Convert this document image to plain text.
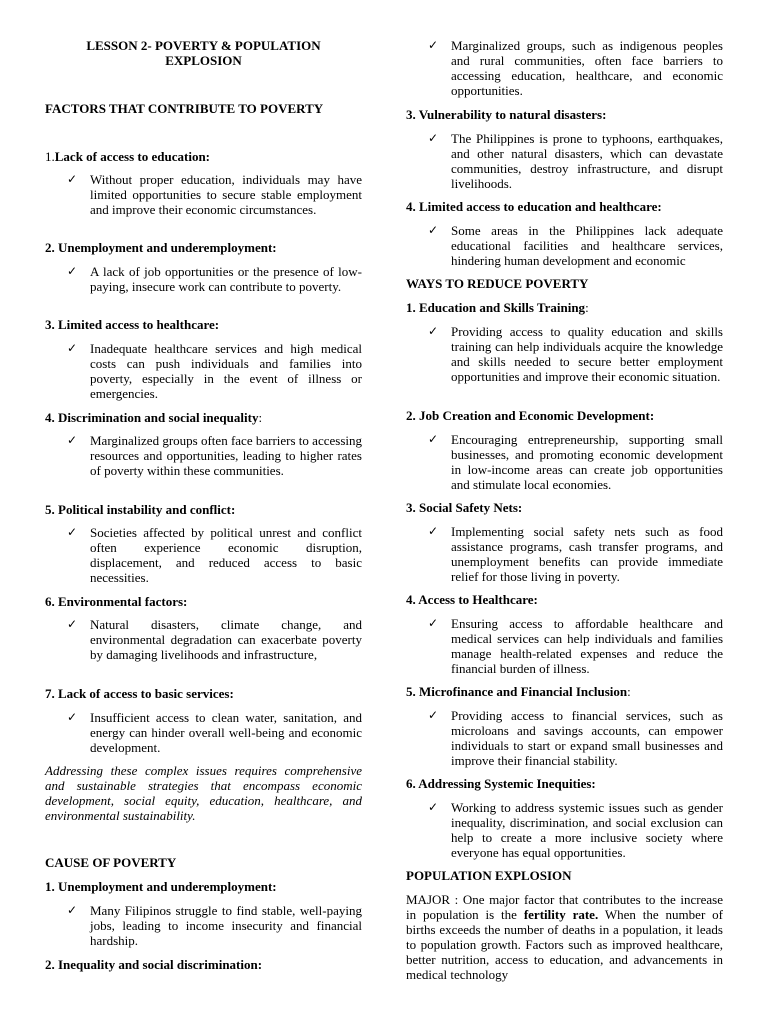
LESSON 2- POVERTY & POPULATION
EXPLOSION
FACTORS THAT CONTRIBUTE TO POVERTY
1.Lack of access to education:
✓ Without proper education, individuals may have limited opportunities to secure stable employment and improve their economic circumstances.
2. Unemployment and underemployment:
✓ A lack of job opportunities or the presence of low- paying, insecure work can contribute to poverty.
3. Limited access to healthcare:
✓ Inadequate healthcare services and high medical costs can push individuals and families into poverty, especially in the event of illness or emergencies.
4. Discrimination and social inequality:
✓ Marginalized groups often face barriers to accessing resources and opportunities, leading to higher rates of poverty within these communities.
5. Political instability and conflict:
✓ Societies affected by political unrest and conflict often experience economic disruption, displacement, and reduced access to basic necessities.
6. Environmental factors:
✓ Natural disasters, climate change, and environmental degradation can exacerbate poverty by damaging livelihoods and infrastructure,
7. Lack of access to basic services:
✓ Insufficient access to clean water, sanitation, and energy can hinder overall well-being and economic development.
Addressing these complex issues requires comprehensive and sustainable strategies that encompass economic development, social equity, education, healthcare, and environmental sustainability.
CAUSE OF POVERTY
1. Unemployment and underemployment:
✓ Many Filipinos struggle to find stable, well-paying jobs, leading to income insecurity and financial hardship.
2. Inequality and social discrimination:
✓ Marginalized groups, such as indigenous peoples and rural communities, often face barriers to accessing education, healthcare, and economic opportunities.
3. Vulnerability to natural disasters:
✓ The Philippines is prone to typhoons, earthquakes, and other natural disasters, which can devastate communities, destroy infrastructure, and disrupt livelihoods.
4. Limited access to education and healthcare:
✓ Some areas in the Philippines lack adequate educational facilities and healthcare services, hindering human development and economic
WAYS TO REDUCE POVERTY
1. Education and Skills Training:
✓ Providing access to quality education and skills training can help individuals acquire the knowledge and skills needed to secure better employment opportunities and improve their economic situation.
2. Job Creation and Economic Development:
✓ Encouraging entrepreneurship, supporting small businesses, and promoting economic development in low-income areas can create job opportunities and stimulate local economies.
3. Social Safety Nets:
✓ Implementing social safety nets such as food assistance programs, cash transfer programs, and unemployment benefits can provide immediate relief for those living in poverty.
4. Access to Healthcare:
✓ Ensuring access to affordable healthcare and medical services can help individuals and families manage health-related expenses and reduce the financial burden of illness.
5. Microfinance and Financial Inclusion:
✓ Providing access to financial services, such as microloans and savings accounts, can empower individuals to start or expand small businesses and improve their financial stability.
6. Addressing Systemic Inequities:
✓ Working to address systemic issues such as gender inequality, discrimination, and social exclusion can help to create a more inclusive society where everyone has equal opportunities.
POPULATION EXPLOSION
MAJOR : One major factor that contributes to the increase in population is the fertility rate. When the number of births exceeds the number of deaths in a population, it leads to population growth. Factors such as improved healthcare, better nutrition, access to education, and advancements in medical technology
